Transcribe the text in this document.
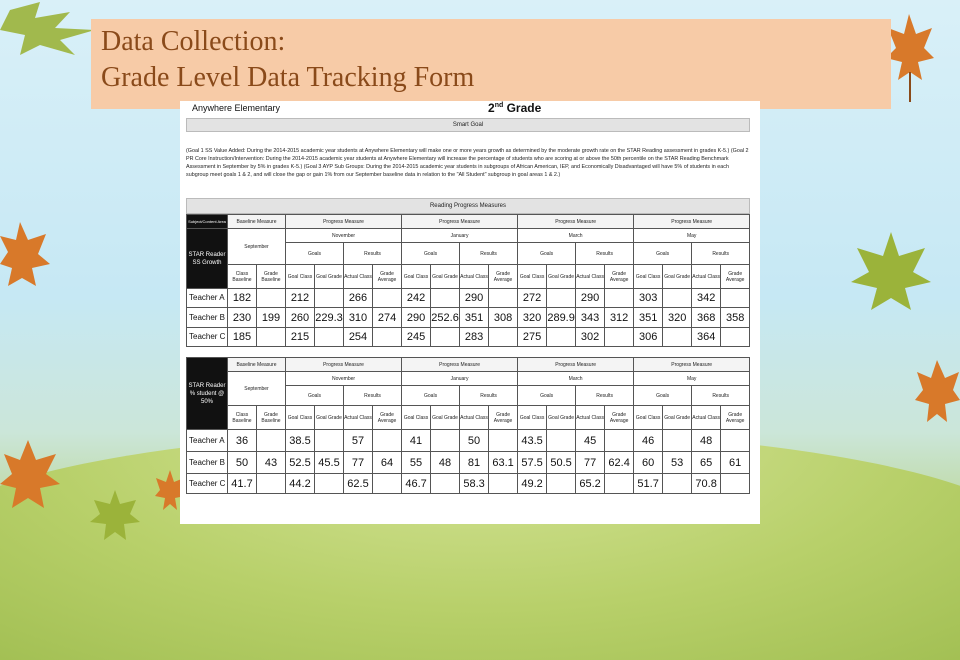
Data Collection:
Grade Level Data Tracking Form
Anywhere Elementary	2nd Grade
Smart Goal
(Goal 1 SS Value Added: During the 2014-2015 academic year students at Anywhere Elementary will make one or more years growth as determined by the moderate growth rate on the STAR Reading assessment in grades K-5.) (Goal 2 PR Core Instruction/Intervention: During the 2014-2015 academic year students at Anywhere Elementary will increase the percentage of students who are scoring at or above the 50th percentile on the STAR Reading Benchmark Assessment in September by 5% in grades K-5.) (Goal 3 AYP Sub Groups: During the 2014-2015 academic year students in subgroups of African American, IEP, and Economically Disadvantaged will have 5% of students in each subgroup meet goals 1 & 2, and will close the gap or gain 1% from our September baseline data in relation to the "All Student" subgroup in goal areas 1 & 2.)
Reading Progress Measures
Subject/Content Area	Baseline Measure		Progress Measure				Progress Measure				Progress Measure				Progress Measure			
STAR Reader SS Growth	September		November				January				March				May			
			Goals		Results		Goals		Results		Goals		Results		Goals		Results	
	Class Baseline	Grade Baseline	Goal Class	Goal Grade	Actual Class	Grade Average	Goal Class	Goal Grade	Actual Class	Grade Average	Goal Class	Goal Grade	Actual Class	Grade Average	Goal Class	Goal Grade	Actual Class	Grade Average
Teacher A	182		212		266		242		290		272		290		303		342	
Teacher B	230	199	260	229.3	310	274	290	252.6	351	308	320	289.9	343	312	351	320	368	358
Teacher C	185		215		254		245		283		275		302		306		364	
STAR Reader % student @ 50%	Baseline Measure		Progress Measure				Progress Measure				Progress Measure				Progress Measure			
	September		November				January				March				May			
			Goals		Results		Goals		Results		Goals		Results		Goals		Results	
	Class Baseline	Grade Baseline	Goal Class	Goal Grade	Actual Class	Grade Average	Goal Class	Goal Grade	Actual Class	Grade Average	Goal Class	Goal Grade	Actual Class	Grade Average	Goal Class	Goal Grade	Actual Class	Grade Average
Teacher A	36		38.5		57		41		50		43.5		45		46		48	
Teacher B	50	43	52.5	45.5	77	64	55	48	81	63.1	57.5	50.5	77	62.4	60	53	65	61
Teacher C	41.7		44.2		62.5		46.7		58.3		49.2		65.2		51.7		70.8	
